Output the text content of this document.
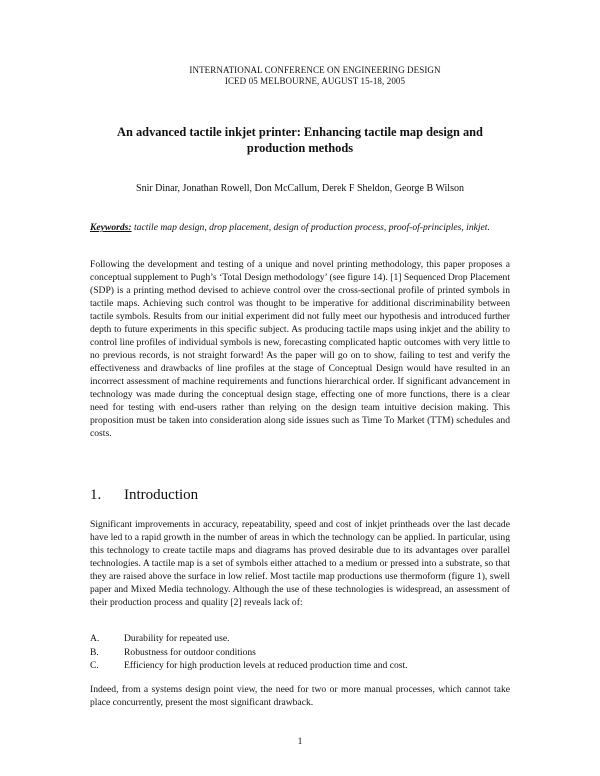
INTERNATIONAL CONFERENCE ON ENGINEERING DESIGN
ICED 05 MELBOURNE, AUGUST 15-18, 2005
An advanced tactile inkjet printer: Enhancing tactile map design and production methods
Snir Dinar, Jonathan Rowell, Don McCallum, Derek F Sheldon, George B Wilson
Keywords: tactile map design, drop placement, design of production process, proof-of-principles, inkjet.
Following the development and testing of a unique and novel printing methodology, this paper proposes a conceptual supplement to Pugh’s ‘Total Design methodology’ (see figure 14). [1] Sequenced Drop Placement (SDP) is a printing method devised to achieve control over the cross-sectional profile of printed symbols in tactile maps. Achieving such control was thought to be imperative for additional discriminability between tactile symbols. Results from our initial experiment did not fully meet our hypothesis and introduced further depth to future experiments in this specific subject. As producing tactile maps using inkjet and the ability to control line profiles of individual symbols is new, forecasting complicated haptic outcomes with very little to no previous records, is not straight forward! As the paper will go on to show, failing to test and verify the effectiveness and drawbacks of line profiles at the stage of Conceptual Design would have resulted in an incorrect assessment of machine requirements and functions hierarchical order. If significant advancement in technology was made during the conceptual design stage, effecting one of more functions, there is a clear need for testing with end-users rather than relying on the design team intuitive decision making. This proposition must be taken into consideration along side issues such as Time To Market (TTM) schedules and costs.
1. Introduction
Significant improvements in accuracy, repeatability, speed and cost of inkjet printheads over the last decade have led to a rapid growth in the number of areas in which the technology can be applied. In particular, using this technology to create tactile maps and diagrams has proved desirable due to its advantages over parallel technologies. A tactile map is a set of symbols either attached to a medium or pressed into a substrate, so that they are raised above the surface in low relief. Most tactile map productions use thermoform (figure 1), swell paper and Mixed Media technology. Although the use of these technologies is widespread, an assessment of their production process and quality [2] reveals lack of:
A.	Durability for repeated use.
B.	Robustness for outdoor conditions
C.	Efficiency for high production levels at reduced production time and cost.
Indeed, from a systems design point view, the need for two or more manual processes, which cannot take place concurrently, present the most significant drawback.
1
